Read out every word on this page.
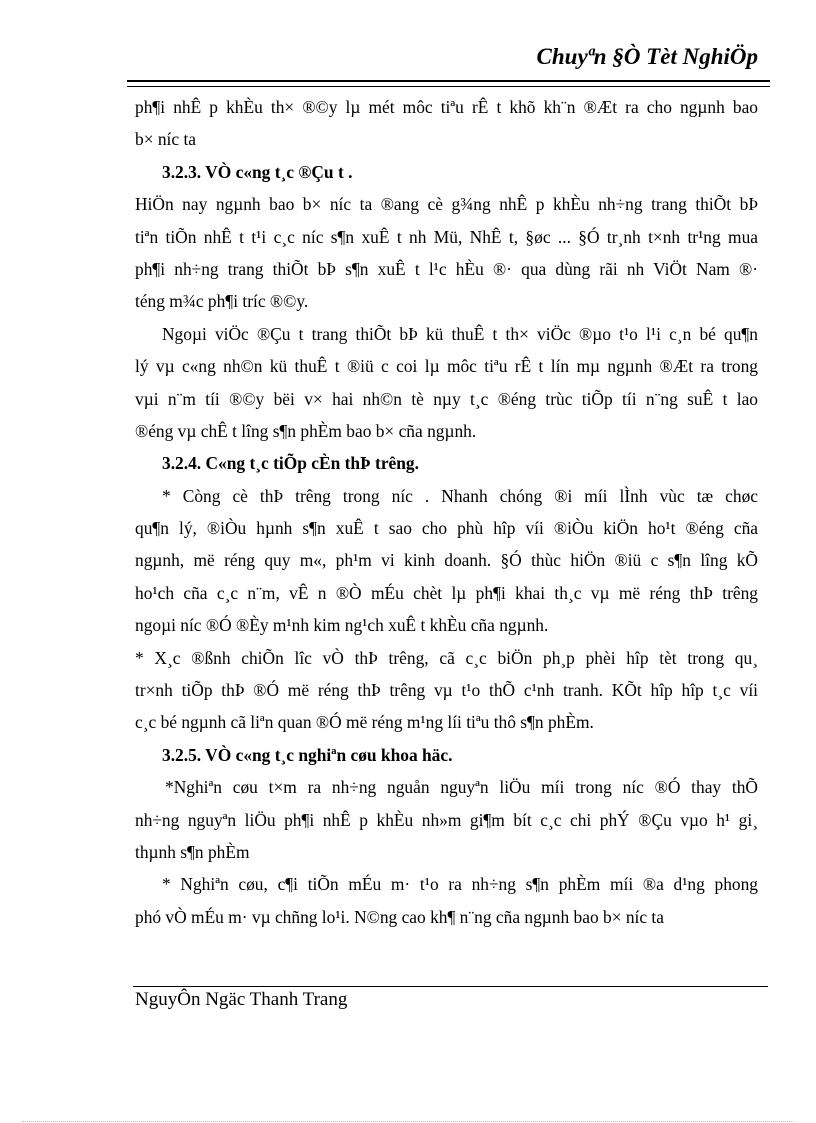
Chuyªn §Ò Tèt NghiÖp
ph¶i nhÊ p khÈu th× ®©y lµ mét môc tiªu rÊ t khõ kh¨n ®Æt ra cho ngµnh bao
b× níc ta
3.2.3. VÒ c«ng t¸c ®Çu t .
HiÖn nay ngµnh bao b× níc ta ®ang cè g¾ng nhÊ p khÈu nh÷ng trang thiÕt bÞ
tiªn tiÕn nhÊ t t¹i c¸c níc s¶n xuÊ t nh Mü, NhÊ t, §øc ... §Ó tr¸nh t×nh tr¹ng mua
ph¶i nh÷ng trang thiÕt bÞ s¶n xuÊ t l¹c hÈu ®· qua dùng rãi nh ViÖt Nam ®·
téng m¾c ph¶i tríc ®©y.
Ngoµi viÖc ®Çu t trang thiÕt bÞ kü thuÊ t th× viÖc ®µo t¹o l¹i c¸n bé qu¶n
lý vµ c«ng nh©n kü thuÊ t ®iü c coi lµ môc tiªu rÊ t lín mµ ngµnh ®Æt ra trong
vµi n¨m tíi ®©y bëi v× hai nh©n tè nµy t¸c ®éng trùc tiÕp tíi n¨ng suÊ t lao
®éng vµ chÊ t lîng s¶n phÈm bao b× cña ngµnh.
3.2.4. C«ng t¸c tiÕp cÈn thÞ trêng.
* Còng cè thÞ trêng trong níc . Nhanh chóng ®i míi lÌnh vùc tæ chøc
qu¶n lý, ®iÒu hµnh s¶n xuÊ t sao cho phù hîp víi ®iÒu kiÖn ho¹t ®éng cña
ngµnh, më réng quy m«, ph¹m vi kinh doanh. §Ó thùc hiÖn ®iü c s¶n lîng kÕ
ho¹ch cña c¸c n¨m, vÊ n ®Ò mÉu chèt lµ ph¶i khai th¸c vµ më réng thÞ trêng
ngoµi níc ®Ó ®Èy m¹nh kim ng¹ch xuÊ t khÈu cña ngµnh.
* X¸c ®ßnh chiÕn lîc vÒ thÞ trêng, cã c¸c biÖn ph¸p phèi hîp tèt trong qu¸
tr×nh tiÕp thÞ ®Ó më réng thÞ trêng vµ t¹o thÕ c¹nh tranh. KÕt hîp hîp t¸c víi
c¸c bé ngµnh cã liªn quan ®Ó më réng m¹ng líi tiªu thô s¶n phÈm.
3.2.5. VÒ c«ng t¸c nghiªn cøu khoa häc.
*Nghiªn cøu t×m ra nh÷ng nguån nguyªn liÖu míi trong níc ®Ó thay thÕ
nh÷ng nguyªn liÖu ph¶i nhÊ p khÈu nh»m gi¶m bít c¸c chi phÝ ®Çu vµo h¹ gi¸
thµnh s¶n phÈm
* Nghiªn cøu, c¶i tiÕn mÉu m· t¹o ra nh÷ng s¶n phÈm míi ®a d¹ng phong
phó vÒ mÉu m· vµ chñng lo¹i. N©ng cao kh¶ n¨ng cña ngµnh bao b× níc ta
NguyÔn Ngäc Thanh Trang
